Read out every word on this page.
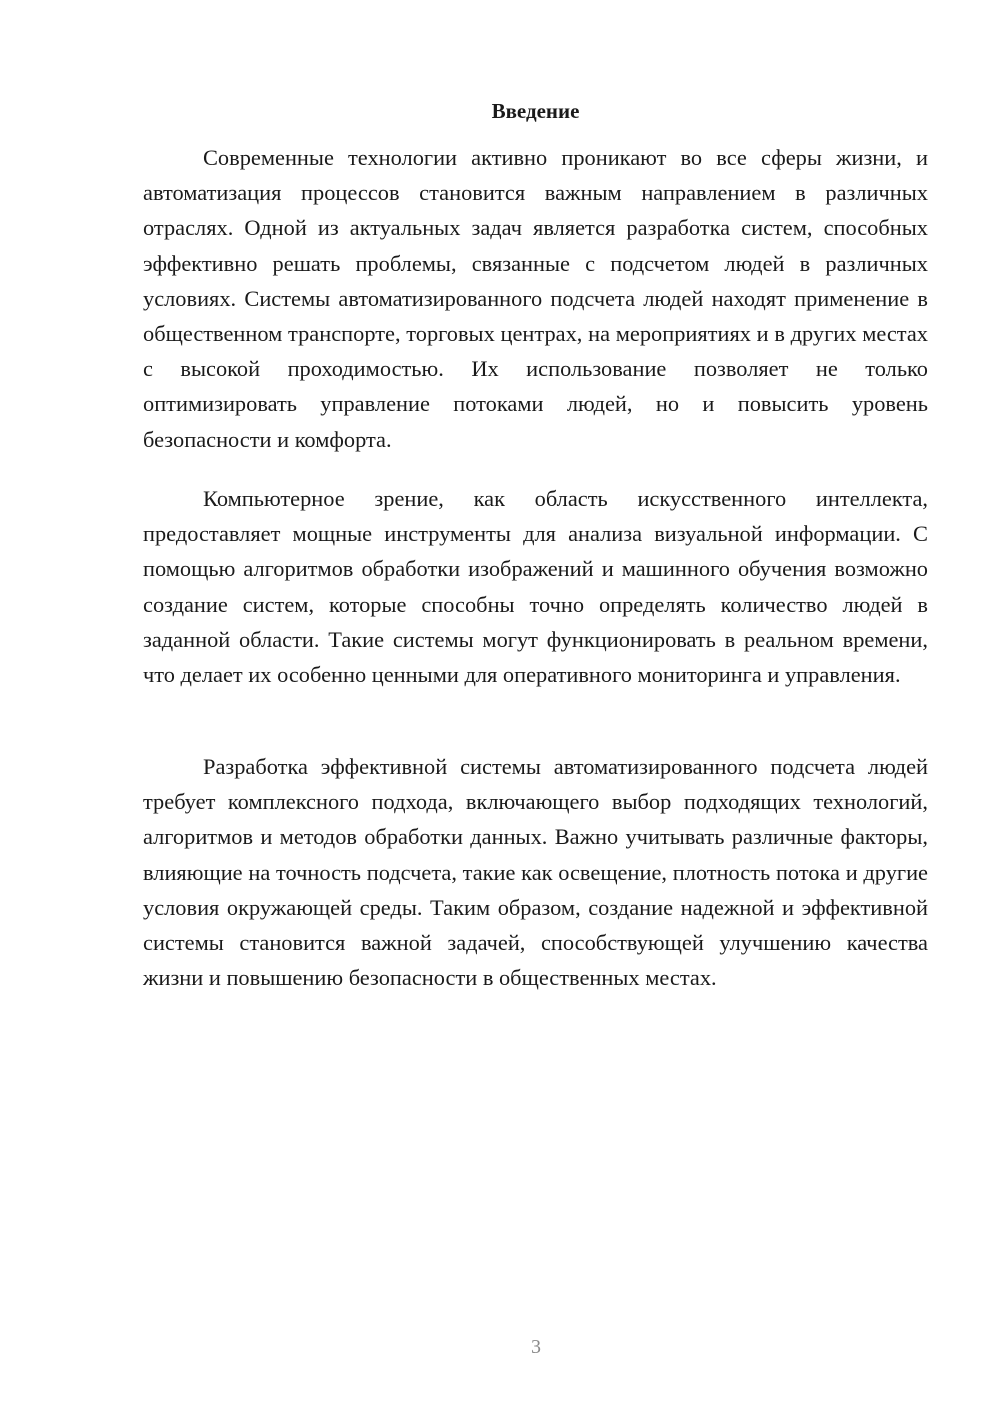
Введение

Современные технологии активно проникают во все сферы жизни, и автоматизация процессов становится важным направлением в различных отраслях. Одной из актуальных задач является разработка систем, способных эффективно решать проблемы, связанные с подсчетом людей в различных условиях. Системы автоматизированного подсчета людей находят применение в общественном транспорте, торговых центрах, на мероприятиях и в других местах с высокой проходимостью. Их использование позволяет не только оптимизировать управление потоками людей, но и повысить уровень безопасности и комфорта.

Компьютерное зрение, как область искусственного интеллекта, предоставляет мощные инструменты для анализа визуальной информации. С помощью алгоритмов обработки изображений и машинного обучения возможно создание систем, которые способны точно определять количество людей в заданной области. Такие системы могут функционировать в реальном времени, что делает их особенно ценными для оперативного мониторинга и управления.

Разработка эффективной системы автоматизированного подсчета людей требует комплексного подхода, включающего выбор подходящих технологий, алгоритмов и методов обработки данных. Важно учитывать различные факторы, влияющие на точность подсчета, такие как освещение, плотность потока и другие условия окружающей среды. Таким образом, создание надежной и эффективной системы становится важной задачей, способствующей улучшению качества жизни и повышению безопасности в общественных местах.

3
